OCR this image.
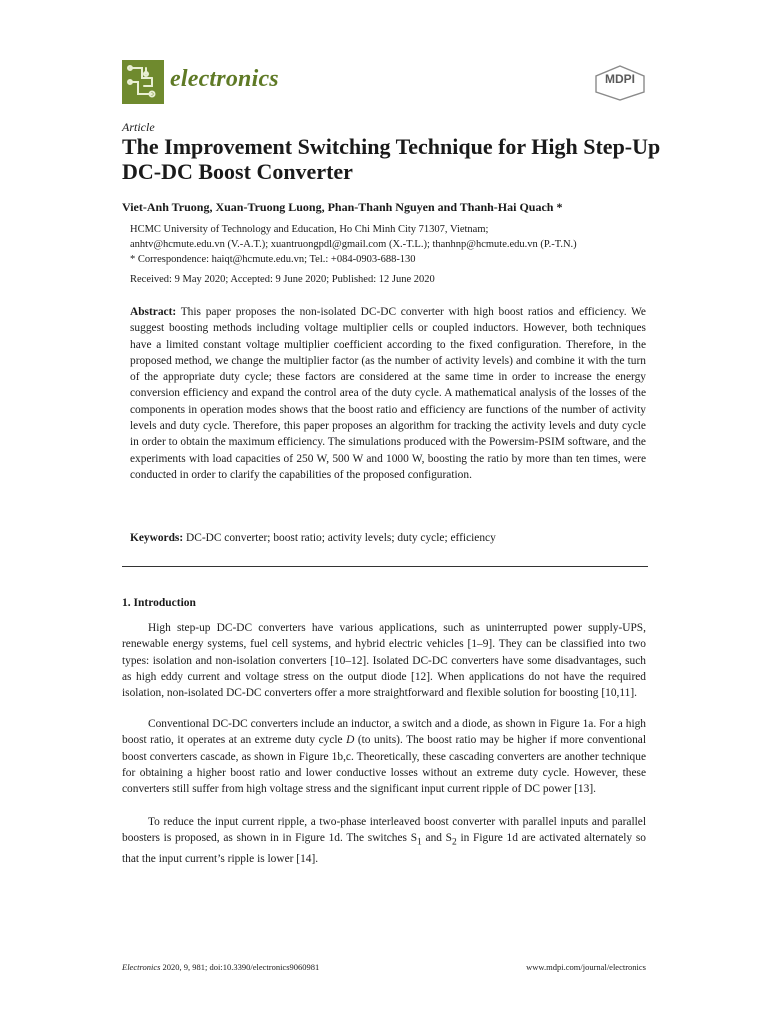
electronics	MDPI
Article
The Improvement Switching Technique for High Step-Up DC-DC Boost Converter
Viet-Anh Truong, Xuan-Truong Luong, Phan-Thanh Nguyen and Thanh-Hai Quach *
HCMC University of Technology and Education, Ho Chi Minh City 71307, Vietnam;
anhtv@hcmute.edu.vn (V.-A.T.); xuantruongpdl@gmail.com (X.-T.L.); thanhnp@hcmute.edu.vn (P.-T.N.)
* Correspondence: haiqt@hcmute.edu.vn; Tel.: +084-0903-688-130
Received: 9 May 2020; Accepted: 9 June 2020; Published: 12 June 2020
Abstract: This paper proposes the non-isolated DC-DC converter with high boost ratios and efficiency. We suggest boosting methods including voltage multiplier cells or coupled inductors. However, both techniques have a limited constant voltage multiplier coefficient according to the fixed configuration. Therefore, in the proposed method, we change the multiplier factor (as the number of activity levels) and combine it with the turn of the appropriate duty cycle; these factors are considered at the same time in order to increase the energy conversion efficiency and expand the control area of the duty cycle. A mathematical analysis of the losses of the components in operation modes shows that the boost ratio and efficiency are functions of the number of activity levels and duty cycle. Therefore, this paper proposes an algorithm for tracking the activity levels and duty cycle in order to obtain the maximum efficiency. The simulations produced with the Powersim-PSIM software, and the experiments with load capacities of 250 W, 500 W and 1000 W, boosting the ratio by more than ten times, were conducted in order to clarify the capabilities of the proposed configuration.
Keywords: DC-DC converter; boost ratio; activity levels; duty cycle; efficiency
1. Introduction
High step-up DC-DC converters have various applications, such as uninterrupted power supply-UPS, renewable energy systems, fuel cell systems, and hybrid electric vehicles [1–9]. They can be classified into two types: isolation and non-isolation converters [10–12]. Isolated DC-DC converters have some disadvantages, such as high eddy current and voltage stress on the output diode [12]. When applications do not have the required isolation, non-isolated DC-DC converters offer a more straightforward and flexible solution for boosting [10,11].
Conventional DC-DC converters include an inductor, a switch and a diode, as shown in Figure 1a. For a high boost ratio, it operates at an extreme duty cycle D (to units). The boost ratio may be higher if more conventional boost converters cascade, as shown in Figure 1b,c. Theoretically, these cascading converters are another technique for obtaining a higher boost ratio and lower conductive losses without an extreme duty cycle. However, these converters still suffer from high voltage stress and the significant input current ripple of DC power [13].
To reduce the input current ripple, a two-phase interleaved boost converter with parallel inputs and parallel boosters is proposed, as shown in in Figure 1d. The switches $S_1$ and $S_2$ in Figure 1d are activated alternately so that the input current’s ripple is lower [14].
Electronics 2020, 9, 981; doi:10.3390/electronics9060981	www.mdpi.com/journal/electronics
